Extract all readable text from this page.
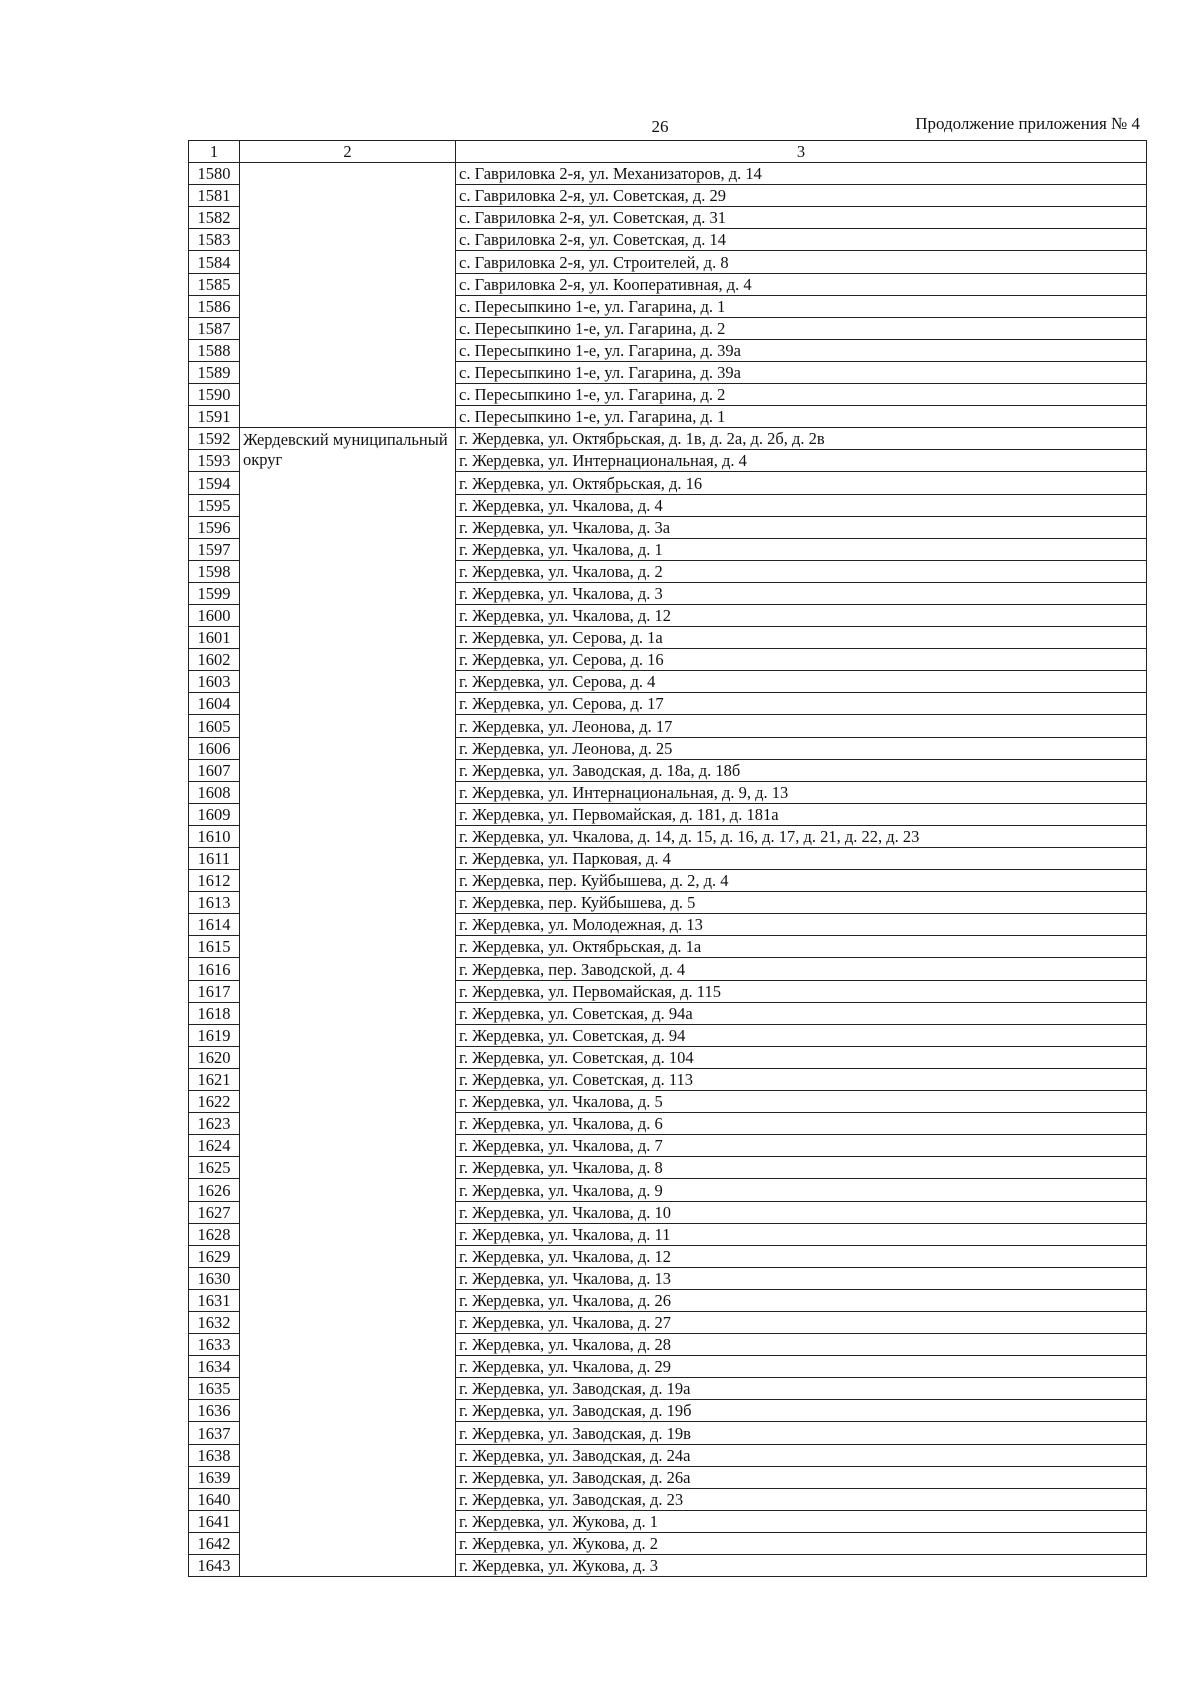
26	Продолжение приложения № 4
1	2	3
1580		с. Гавриловка 2-я, ул. Механизаторов, д. 14
1581		с. Гавриловка 2-я, ул. Советская, д. 29
1582		с. Гавриловка 2-я, ул. Советская, д. 31
1583		с. Гавриловка 2-я, ул. Советская, д. 14
1584		с. Гавриловка 2-я, ул. Строителей, д. 8
1585		с. Гавриловка 2-я, ул. Кооперативная, д. 4
1586		с. Пересыпкино 1-е, ул. Гагарина, д. 1
1587		с. Пересыпкино 1-е, ул. Гагарина, д. 2
1588		с. Пересыпкино 1-е, ул. Гагарина, д. 39а
1589		с. Пересыпкино 1-е, ул. Гагарина, д. 39а
1590		с. Пересыпкино 1-е, ул. Гагарина, д. 2
1591		с. Пересыпкино 1-е, ул. Гагарина, д. 1
1592	Жердевский муниципальный округ	г. Жердевка, ул. Октябрьская, д. 1в, д. 2а, д. 2б, д. 2в
1593		г. Жердевка, ул. Интернациональная, д. 4
1594		г. Жердевка, ул. Октябрьская, д. 16
1595		г. Жердевка, ул. Чкалова, д. 4
1596		г. Жердевка, ул. Чкалова, д. 3а
1597		г. Жердевка, ул. Чкалова, д. 1
1598		г. Жердевка, ул. Чкалова, д. 2
1599		г. Жердевка, ул. Чкалова, д. 3
1600		г. Жердевка, ул. Чкалова, д. 12
1601		г. Жердевка, ул. Серова, д. 1а
1602		г. Жердевка, ул. Серова, д. 16
1603		г. Жердевка, ул. Серова, д. 4
1604		г. Жердевка, ул. Серова, д. 17
1605		г. Жердевка, ул. Леонова, д. 17
1606		г. Жердевка, ул. Леонова, д. 25
1607		г. Жердевка, ул. Заводская, д. 18а, д. 18б
1608		г. Жердевка, ул. Интернациональная, д. 9, д. 13
1609		г. Жердевка, ул. Первомайская, д. 181, д. 181а
1610		г. Жердевка, ул. Чкалова, д. 14, д. 15, д. 16, д. 17, д. 21, д. 22, д. 23
1611		г. Жердевка, ул. Парковая, д. 4
1612		г. Жердевка, пер. Куйбышева, д. 2, д. 4
1613		г. Жердевка, пер. Куйбышева, д. 5
1614		г. Жердевка, ул. Молодежная, д. 13
1615		г. Жердевка, ул. Октябрьская, д. 1а
1616		г. Жердевка, пер. Заводской, д. 4
1617		г. Жердевка, ул. Первомайская, д. 115
1618		г. Жердевка, ул. Советская, д. 94а
1619		г. Жердевка, ул. Советская, д. 94
1620		г. Жердевка, ул. Советская, д. 104
1621		г. Жердевка, ул. Советская, д. 113
1622		г. Жердевка, ул. Чкалова, д. 5
1623		г. Жердевка, ул. Чкалова, д. 6
1624		г. Жердевка, ул. Чкалова, д. 7
1625		г. Жердевка, ул. Чкалова, д. 8
1626		г. Жердевка, ул. Чкалова, д. 9
1627		г. Жердевка, ул. Чкалова, д. 10
1628		г. Жердевка, ул. Чкалова, д. 11
1629		г. Жердевка, ул. Чкалова, д. 12
1630		г. Жердевка, ул. Чкалова, д. 13
1631		г. Жердевка, ул. Чкалова, д. 26
1632		г. Жердевка, ул. Чкалова, д. 27
1633		г. Жердевка, ул. Чкалова, д. 28
1634		г. Жердевка, ул. Чкалова, д. 29
1635		г. Жердевка, ул. Заводская, д. 19а
1636		г. Жердевка, ул. Заводская, д. 19б
1637		г. Жердевка, ул. Заводская, д. 19в
1638		г. Жердевка, ул. Заводская, д. 24а
1639		г. Жердевка, ул. Заводская, д. 26а
1640		г. Жердевка, ул. Заводская, д. 23
1641		г. Жердевка, ул. Жукова, д. 1
1642		г. Жердевка, ул. Жукова, д. 2
1643		г. Жердевка, ул. Жукова, д. 3
